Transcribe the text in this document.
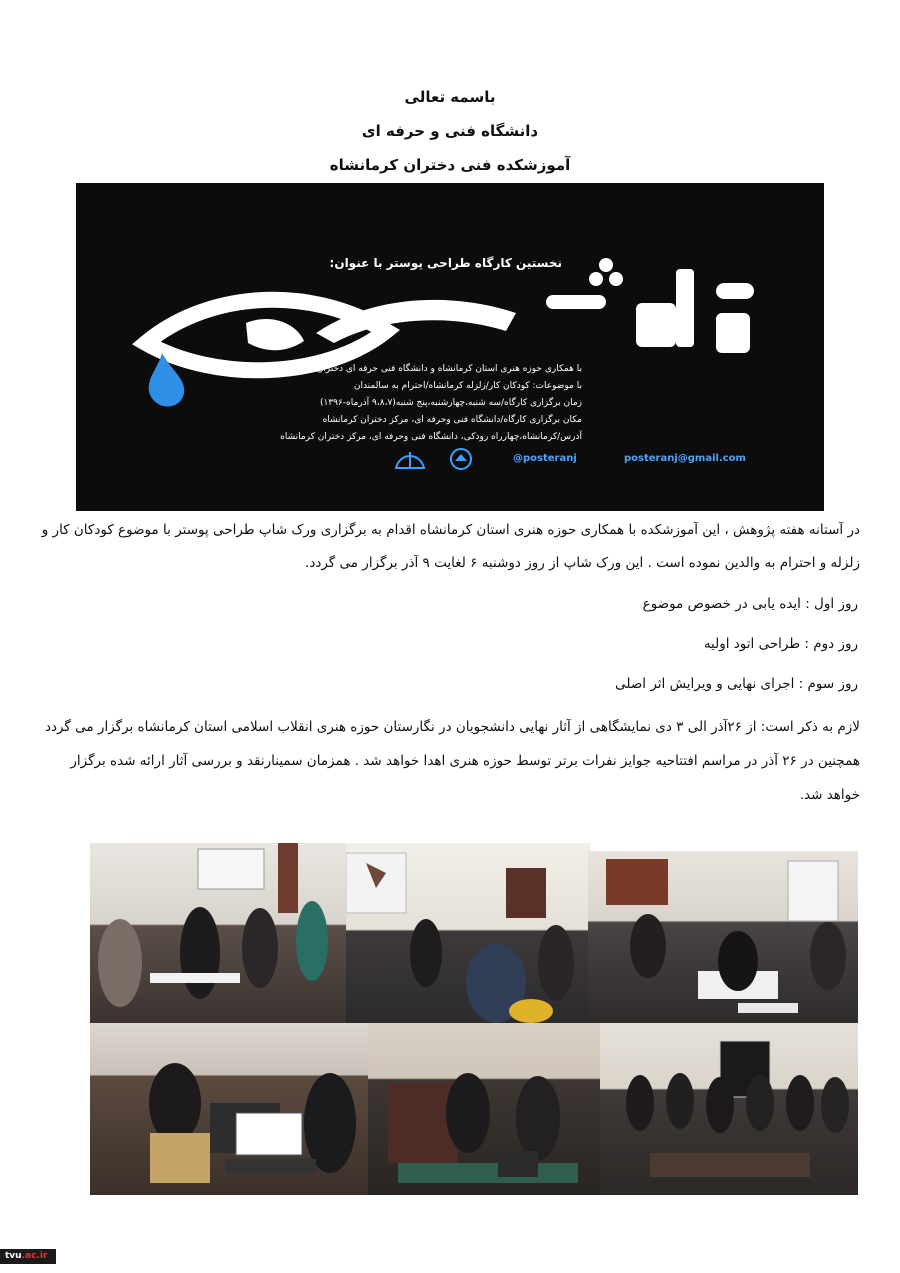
باسمه تعالی
دانشگاه فنی و حرفه ای
آموزشکده فنی دختران کرمانشاه
نخستین کارگاه طراحی پوستر با عنوان:
با همکاری حوزه هنری استان کرمانشاه و دانشگاه فنی حرفه ای دختران کرمانشاه
با موضوعات: کودکان کار/زلزله کرمانشاه/احترام به سالمندان
زمان برگزاری کارگاه/سه شنبه،چهارشنبه،پنج شنبه(۹،۸،۷ آذرماه-۱۳۹۶)
مکان برگزاری کارگاه/دانشگاه فنی وحرفه ای، مرکز دختران کرمانشاه
آدرس/کرمانشاه،چهارراه رودکی، دانشگاه فنی وحرفه ای، مرکز دختران کرمانشاه
@posteranj	posteranj@gmail.com
در آستانه هفته پژوهش ، این آموزشکده با همکاری حوزه هنری استان کرمانشاه اقدام به برگزاری ورک شاپ طراحی پوستر با موضوع کودکان کار و زلزله و احترام به والدین نموده است . این ورک شاپ از روز دوشنبه ۶ لغایت ۹ آذر برگزار می گردد.
روز اول : ایده یابی در خصوص موضوع
روز دوم : طراحی اتود اولیه
روز سوم : اجرای نهایی و ویرایش اثر اصلی
لازم به ذکر است: از ۲۶آذر الی ۳ دی نمایشگاهی از آثار نهایی دانشجویان در نگارستان حوزه هنری انقلاب اسلامی استان کرمانشاه برگزار می گردد همچنین در ۲۶ آذر در مراسم افتتاحیه جوایز نفرات برتر توسط حوزه هنری اهدا خواهد شد . همزمان سمینارنقد و بررسی آثار ارائه شده برگزار خواهد شد.
tvu.ac.ir
